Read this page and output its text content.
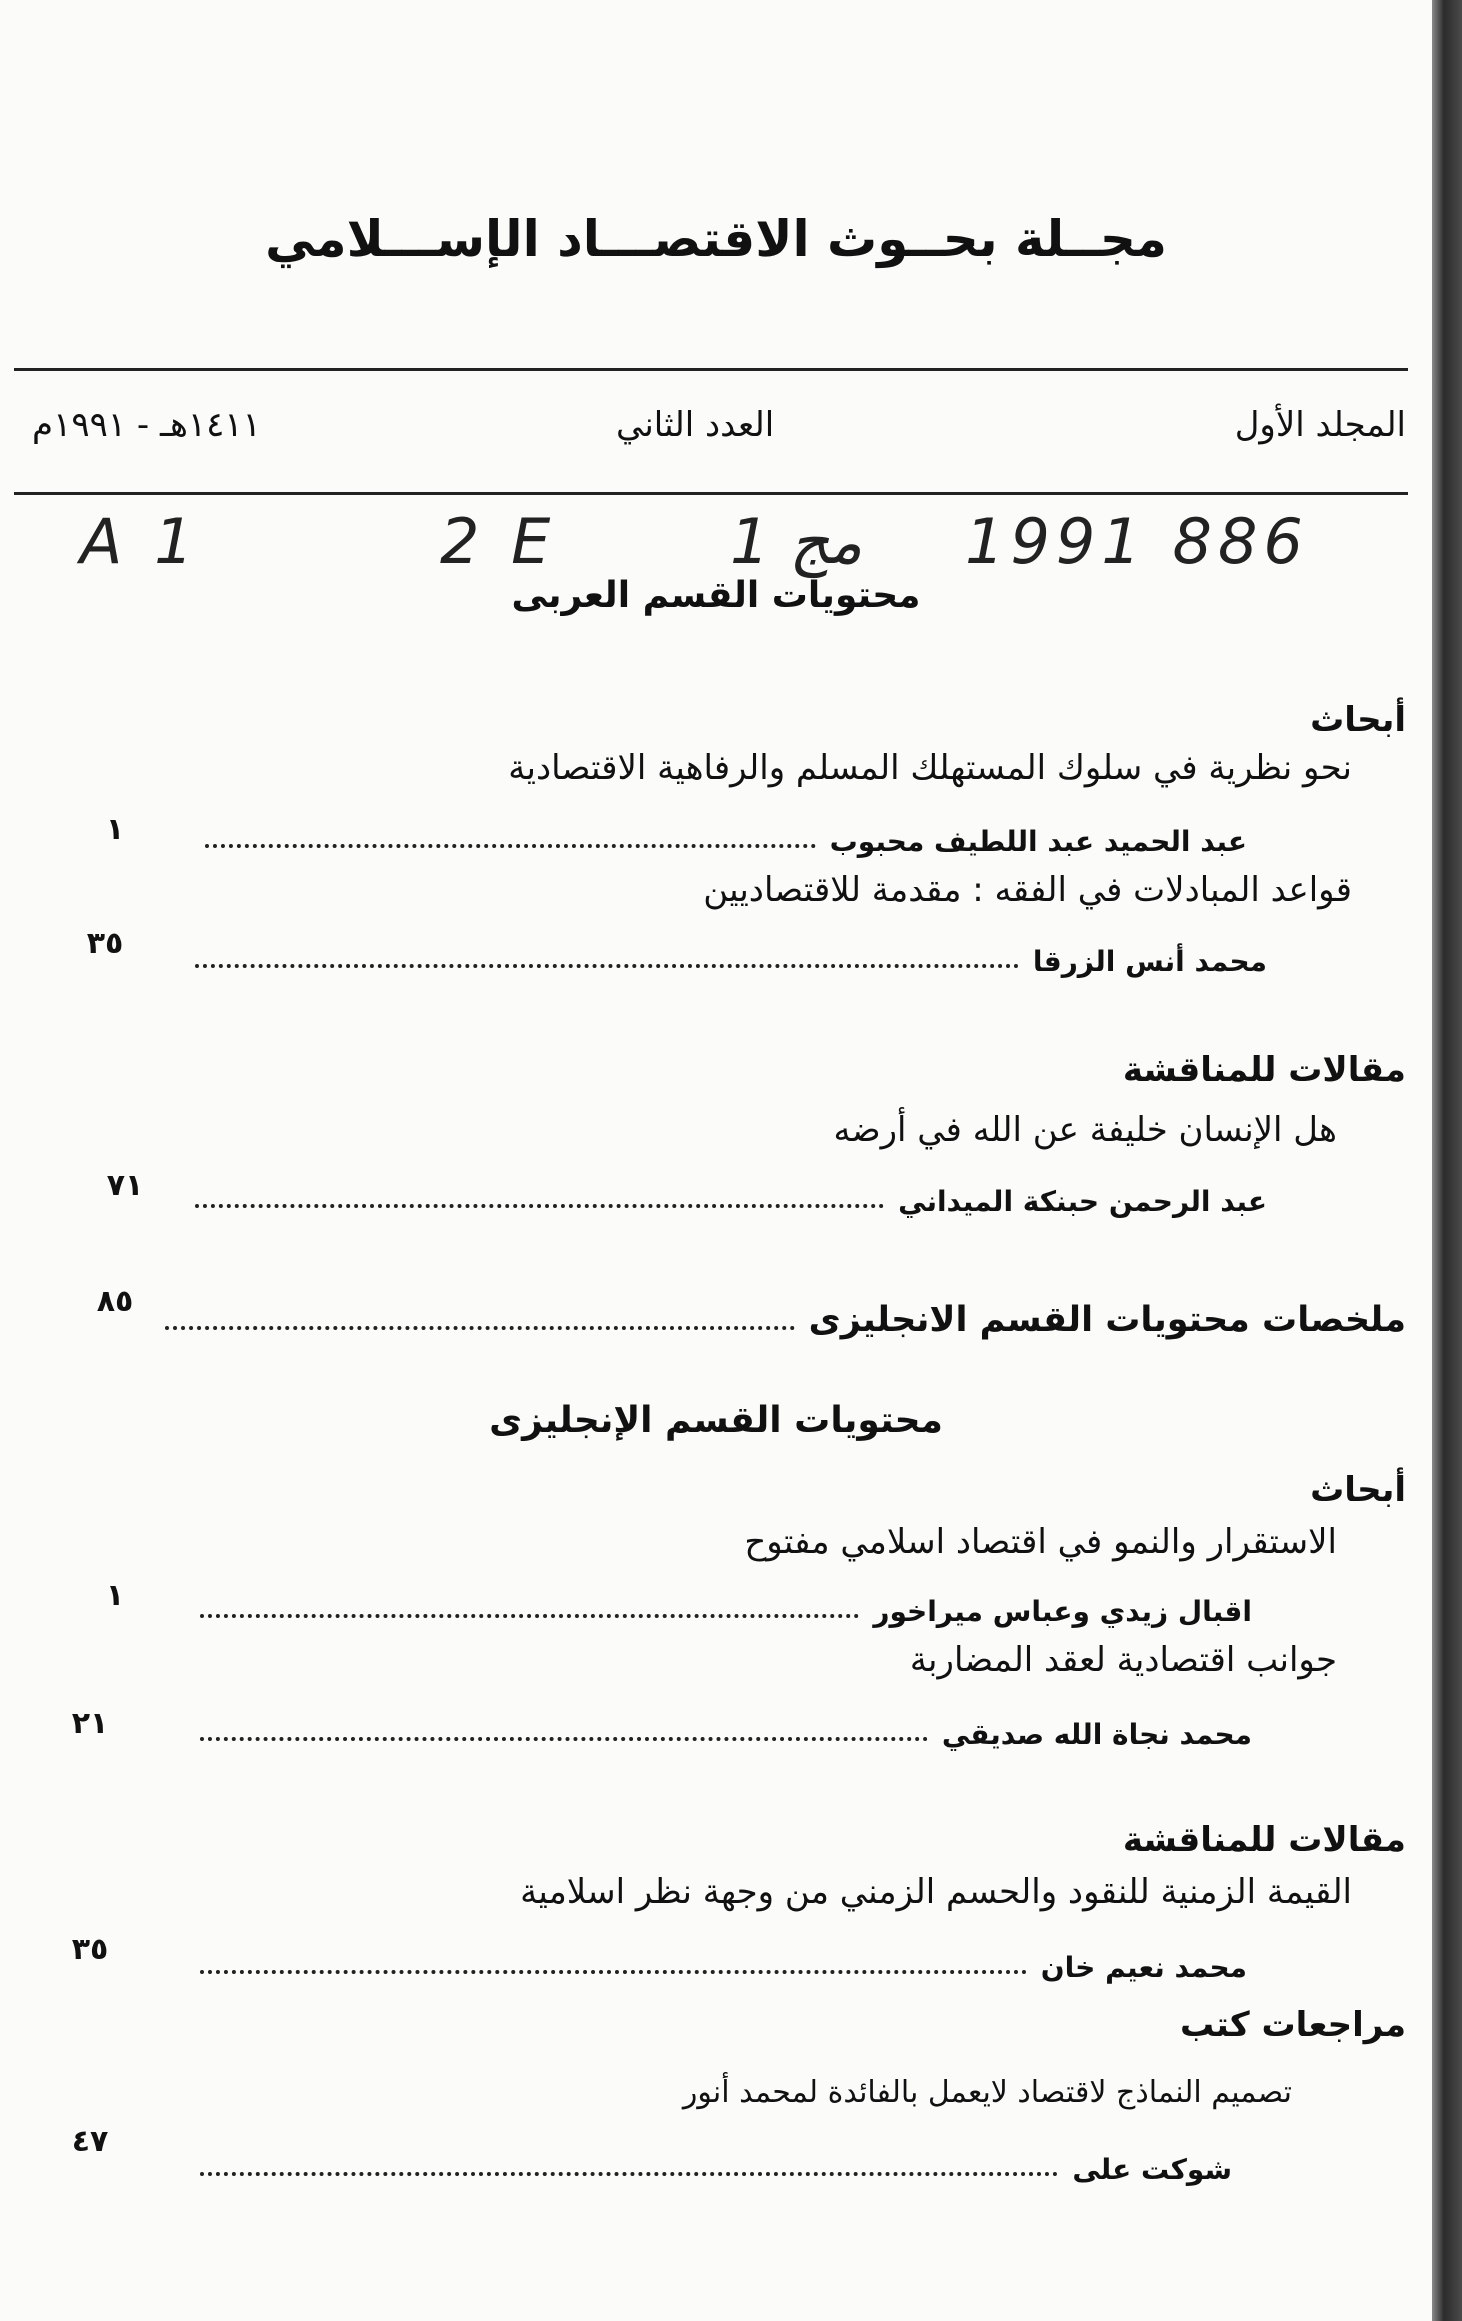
مجــلة بحــوث الاقتصـــاد الإســـلامي
المجلد الأول
العدد الثاني
١٤١١هـ - ١٩٩١م
A 1	2 E	1 مج 1991 886
محتويات القسم العربى
أبحاث
نحو نظرية في سلوك المستهلك المسلم والرفاهية الاقتصادية
عبد الحميد عبد اللطيف محبوب
١
قواعد المبادلات في الفقه : مقدمة للاقتصاديين
محمد أنس الزرقا
٣٥
مقالات للمناقشة
هل الإنسان خليفة عن الله في أرضه
عبد الرحمن حبنكة الميداني
٧١
ملخصات محتويات القسم الانجليزى
٨٥
محتويات القسم الإنجليزى
أبحاث
الاستقرار والنمو في اقتصاد اسلامي مفتوح
اقبال زيدي وعباس ميراخور
١
جوانب اقتصادية لعقد المضاربة
محمد نجاة الله صديقي
٢١
مقالات للمناقشة
القيمة الزمنية للنقود والحسم الزمني من وجهة نظر اسلامية
محمد نعيم خان
٣٥
مراجعات كتب
تصميم النماذج لاقتصاد لايعمل بالفائدة لمحمد أنور
شوكت على
٤٧
